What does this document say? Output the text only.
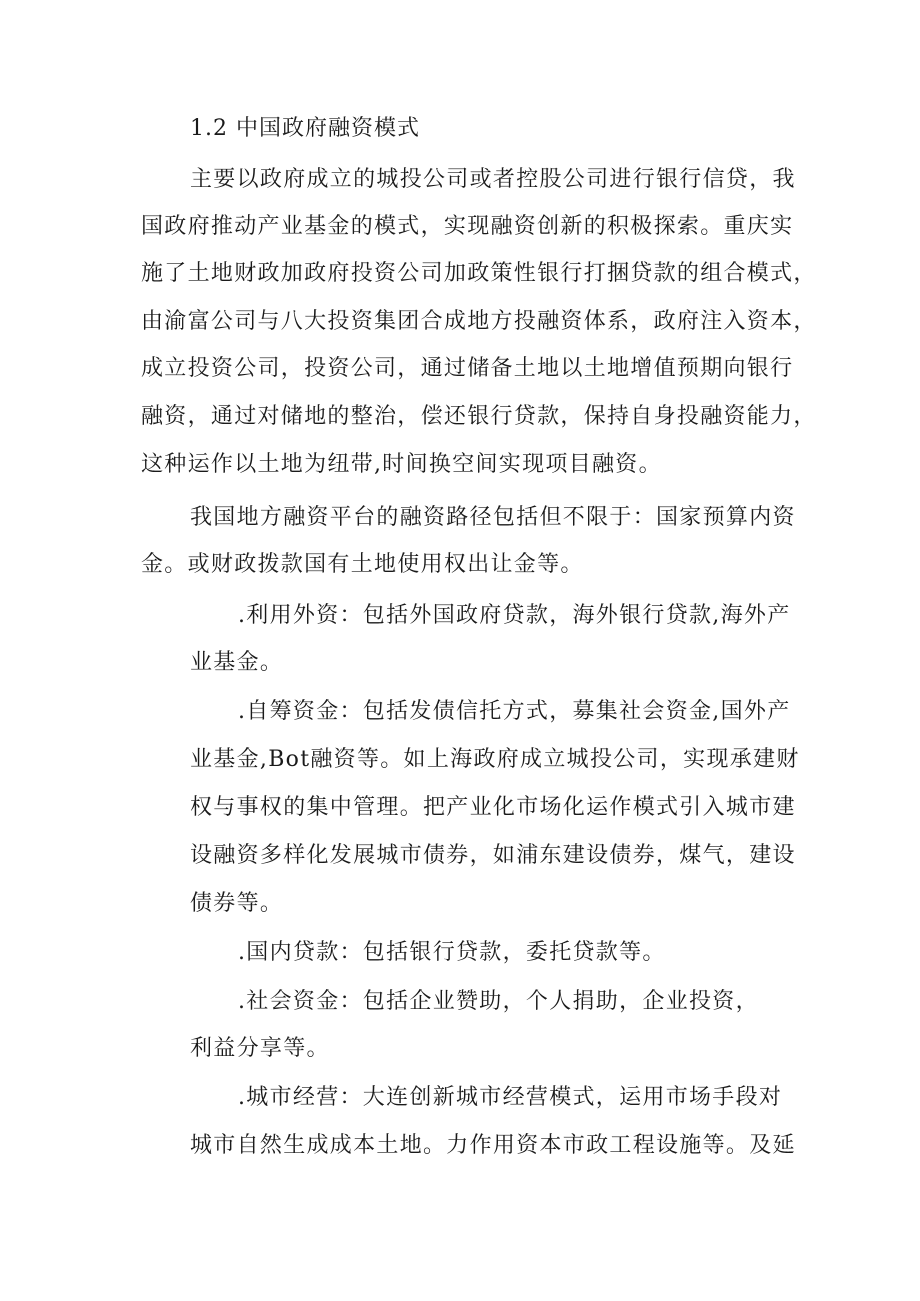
1.2 中国政府融资模式
主要以政府成立的城投公司或者控股公司进行银行信贷，我
国政府推动产业基金的模式，实现融资创新的积极探索。重庆实
施了土地财政加政府投资公司加政策性银行打捆贷款的组合模式，
由渝富公司与八大投资集团合成地方投融资体系，政府注入资本，
成立投资公司，投资公司，通过储备土地以土地增值预期向银行
融资，通过对储地的整治，偿还银行贷款，保持自身投融资能力，
这种运作以土地为纽带,时间换空间实现项目融资。
我国地方融资平台的融资路径包括但不限于：国家预算内资
金。或财政拨款国有土地使用权出让金等。
.利用外资：包括外国政府贷款，海外银行贷款,海外产
业基金。
.自筹资金：包括发债信托方式，募集社会资金,国外产
业基金,Bot融资等。如上海政府成立城投公司，实现承建财
权与事权的集中管理。把产业化市场化运作模式引入城市建
设融资多样化发展城市债券，如浦东建设债券，煤气，建设
债券等。
.国内贷款：包括银行贷款，委托贷款等。
.社会资金：包括企业赞助，个人捐助，企业投资，
利益分享等。
.城市经营：大连创新城市经营模式，运用市场手段对
城市自然生成成本土地。力作用资本市政工程设施等。及延
